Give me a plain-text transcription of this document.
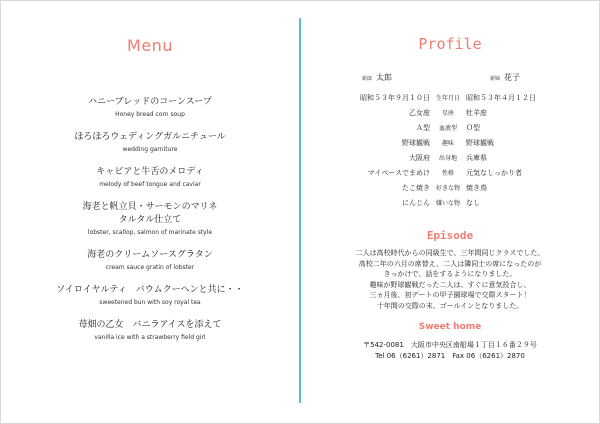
Menu
ハニーブレッドのコーンスープ
Honey bread corn soup
ほろほろウェディングガルニチュール
wedding garniture
キャビアと牛舌のメロディ
melody of beef tongue and caviar
海老と帆立貝・サーモンのマリネ
タルタル仕立て
lobster, scallop, salmon of marinate style
海老のクリームソースグラタン
cream sauce gratin of lobster
ソイロイヤルティ　バウムクーヘンと共に・・
sweetened bun with soy royal tea
苺畑の乙女　バニラアイスを添えて
vanilla ice with a strawberry field girl
Profile
新郎 太郎	新婦 花子
昭和５３年９月１０日	生年月日	昭和５３年４月１２日
乙女座	星座	牡羊座
Ａ型	血液型	Ｏ型
野球観戦	趣味	野球観戦
大阪府	出身地	兵庫県
マイペースでまめけ	性格	元気なしっかり者
たこ焼き	好きな物	焼き鳥
にんじん	嫌いな物	なし
Episode
二人は高校時代からの同級生で、三年間同じクラスでした。
高校二年の六月の席替え、二人は隣同士の席になったのが
きっかけで、話をするようになりました。
趣味が野球観戦だった二人は、すぐに意気投合し、
三ヵ月後、初デートの甲子園球場で交際スタート！
十年間の交際の末、ゴールインとなりました。
Sweet home
〒542-0081　大阪市中央区南船場１丁目１６番２９号
Tel 06（6261）2871　Fax 06（6261）2870
